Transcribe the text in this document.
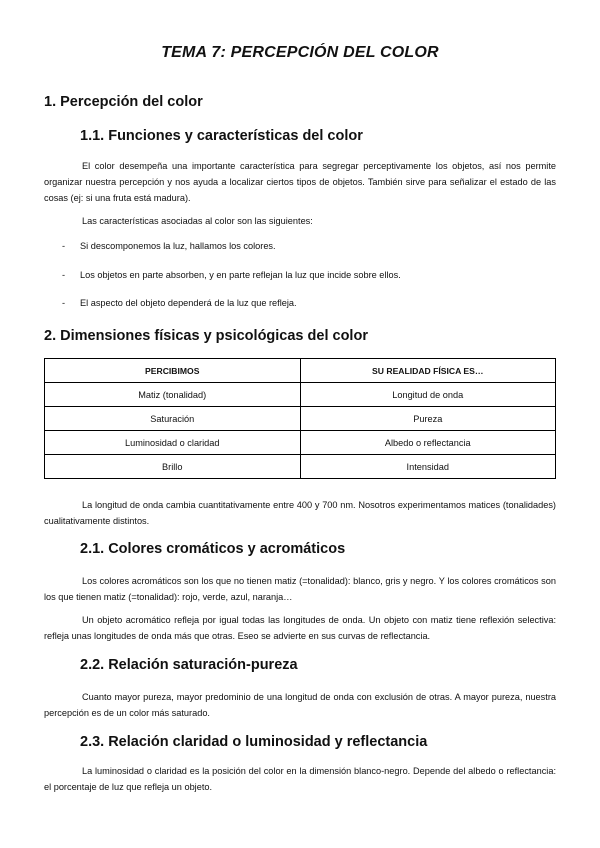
TEMA 7: PERCEPCIÓN DEL COLOR
1. Percepción del color
1.1. Funciones y características del color
El color desempeña una importante característica para segregar perceptivamente los objetos, así nos permite organizar nuestra percepción y nos ayuda a localizar ciertos tipos de objetos. También sirve para señalizar el estado de las cosas (ej: si una fruta está madura).
Las características asociadas al color son las siguientes:
- Si descomponemos la luz, hallamos los colores.
- Los objetos en parte absorben, y en parte reflejan la luz que incide sobre ellos.
- El aspecto del objeto dependerá de la luz que refleja.
2. Dimensiones físicas y psicológicas del color
PERCIBIMOS	SU REALIDAD FÍSICA ES…
Matiz (tonalidad)	Longitud de onda
Saturación	Pureza
Luminosidad o claridad	Albedo o reflectancia
Brillo	Intensidad
La longitud de onda cambia cuantitativamente entre 400 y 700 nm. Nosotros experimentamos matices (tonalidades) cualitativamente distintos.
2.1. Colores cromáticos y acromáticos
Los colores acromáticos son los que no tienen matiz (=tonalidad): blanco, gris y negro. Y los colores cromáticos son los que tienen matiz (=tonalidad): rojo, verde, azul, naranja…
Un objeto acromático refleja por igual todas las longitudes de onda. Un objeto con matiz tiene reflexión selectiva: refleja unas longitudes de onda más que otras. Eseo se advierte en sus curvas de reflectancia.
2.2. Relación saturación-pureza
Cuanto mayor pureza, mayor predominio de una longitud de onda con exclusión de otras. A mayor pureza, nuestra percepción es de un color más saturado.
2.3. Relación claridad o luminosidad y reflectancia
La luminosidad o claridad es la posición del color en la dimensión blanco-negro. Depende del albedo o reflectancia: el porcentaje de luz que refleja un objeto.
